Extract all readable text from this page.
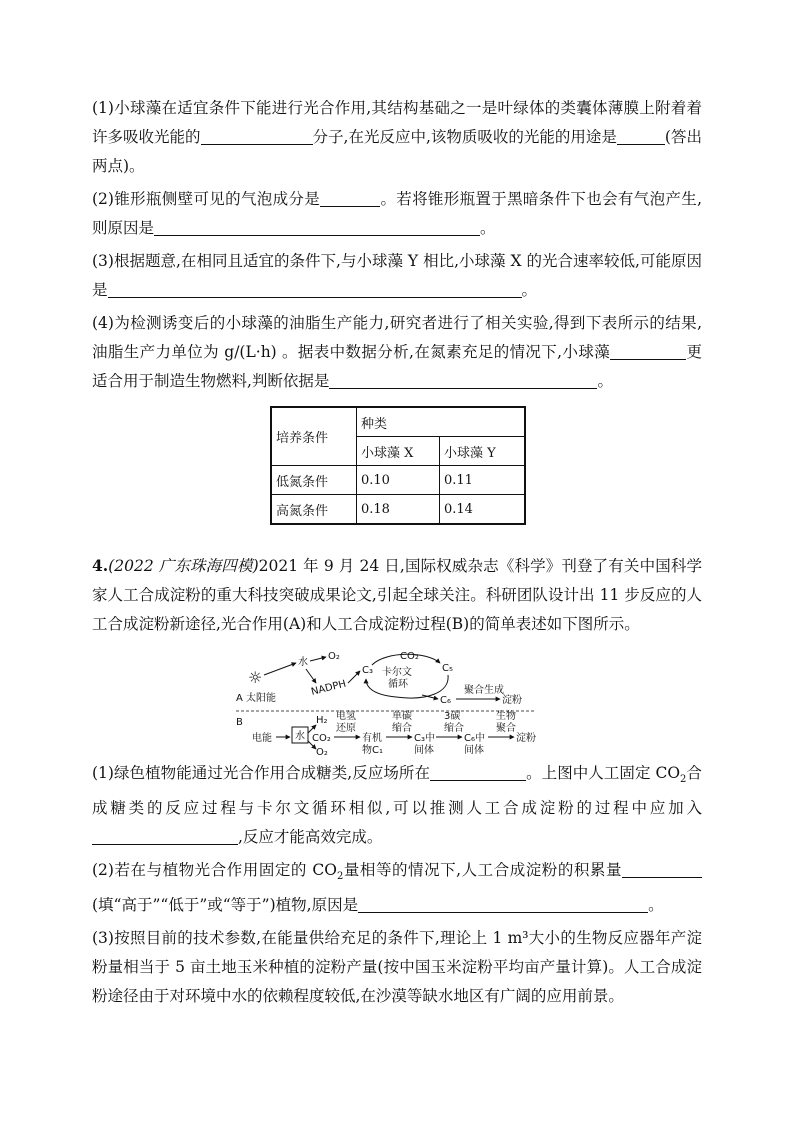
(1)小球藻在适宜条件下能进行光合作用,其结构基础之一是叶绿体的类囊体薄膜上附着着许多吸收光能的	分子,在光反应中,该物质吸收的光能的用途是	(答出两点)。

(2)锥形瓶侧壁可见的气泡成分是	。若将锥形瓶置于黑暗条件下也会有气泡产生,则原因是	。

(3)根据题意,在相同且适宜的条件下,与小球藻 Y 相比,小球藻 X 的光合速率较低,可能原因是	。

(4)为检测诱变后的小球藻的油脂生产能力,研究者进行了相关实验,得到下表所示的结果,油脂生产力单位为 g/(L·h) 。据表中数据分析,在氮素充足的情况下,小球藻	更适合用于制造生物燃料,判断依据是	。

培养条件	种类	
	小球藻 X	小球藻 Y
低氮条件	0.10	0.11
高氮条件	0.18	0.14

4.(2022 广东珠海四模)2021 年 9 月 24 日,国际权威杂志《科学》刊登了有关中国科学家人工合成淀粉的重大科技突破成果论文,引起全球关注。科研团队设计出 11 步反应的人工合成淀粉新途径,光合作用(A)和人工合成淀粉过程(B)的简单表述如下图所示。

☼
A 太阳能
水
O₂
NADPH
CO₂
C₃	C₅
卡尔文
循环
C₆
聚合生成
淀粉
B
电能 水
H₂
CO₂
O₂
电氢
还原
有机
物C₁
单碳
缩合
C₃中
间体
3碳
缩合
C₆中
间体
生物
聚合
淀粉

(1)绿色植物能通过光合作用合成糖类,反应场所在	。上图中人工固定 $CO_2$合成糖类的反应过程与卡尔文循环相似,可以推测人工合成淀粉的过程中应加入,反应才能高效完成。

(2)若在与植物光合作用固定的 $CO_2$量相等的情况下,人工合成淀粉的积累量(填“高于”“低于”或“等于”)植物,原因是	。

(3)按照目前的技术参数,在能量供给充足的条件下,理论上 1 m³大小的生物反应器年产淀粉量相当于 5 亩土地玉米种植的淀粉产量(按中国玉米淀粉平均亩产量计算)。人工合成淀粉途径由于对环境中水的依赖程度较低,在沙漠等缺水地区有广阔的应用前景。
